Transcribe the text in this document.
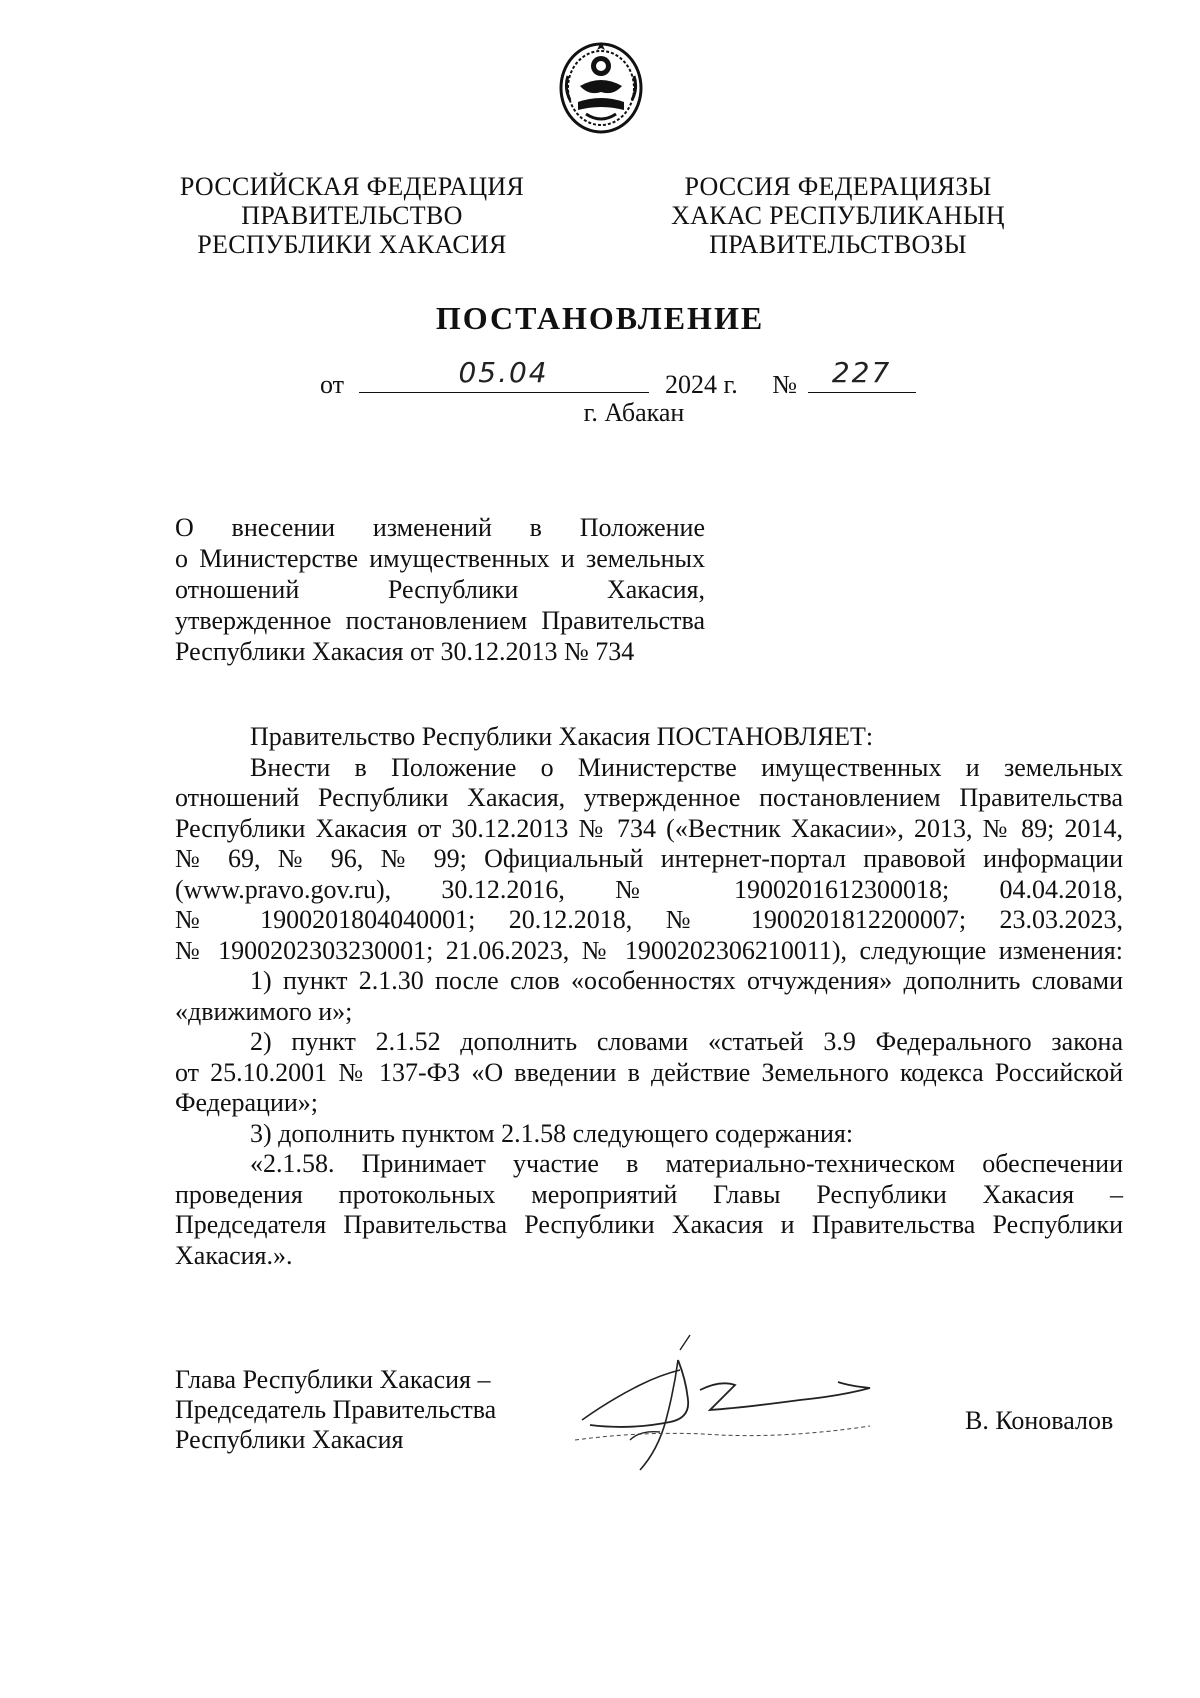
РОССИЙСКАЯ ФЕДЕРАЦИЯ
ПРАВИТЕЛЬСТВО
РЕСПУБЛИКИ ХАКАСИЯ
РОССИЯ ФЕДЕРАЦИЯЗЫ
ХАКАС РЕСПУБЛИКАНЫҢ
ПРАВИТЕЛЬСТВОЗЫ
ПОСТАНОВЛЕНИЕ
от	05.04	2024 г. №	227
г. Абакан
О внесении изменений в Положение
о Министерстве имущественных и земельных
отношений Республики Хакасия,
утвержденное постановлением Правительства
Республики Хакасия от 30.12.2013 № 734
Правительство Республики Хакасия ПОСТАНОВЛЯЕТ:
Внести в Положение о Министерстве имущественных и земельных
отношений Республики Хакасия, утвержденное постановлением Правительства
Республики Хакасия от 30.12.2013 № 734 («Вестник Хакасии», 2013, № 89; 2014,
№ 69, № 96, № 99; Официальный интернет-портал правовой информации
(www.pravo.gov.ru), 30.12.2016, № 1900201612300018; 04.04.2018,
№ 1900201804040001; 20.12.2018, № 1900201812200007; 23.03.2023,
№ 1900202303230001; 21.06.2023, № 1900202306210011), следующие изменения:
1) пункт 2.1.30 после слов «особенностях отчуждения» дополнить словами
«движимого и»;
2) пункт 2.1.52 дополнить словами «статьей 3.9 Федерального закона
от 25.10.2001 № 137-ФЗ «О введении в действие Земельного кодекса Российской
Федерации»;
3) дополнить пунктом 2.1.58 следующего содержания:
«2.1.58. Принимает участие в материально-техническом обеспечении
проведения протокольных мероприятий Главы Республики Хакасия –
Председателя Правительства Республики Хакасия и Правительства Республики
Хакасия.».
Глава Республики Хакасия –
Председатель Правительства
Республики Хакасия
В. Коновалов
